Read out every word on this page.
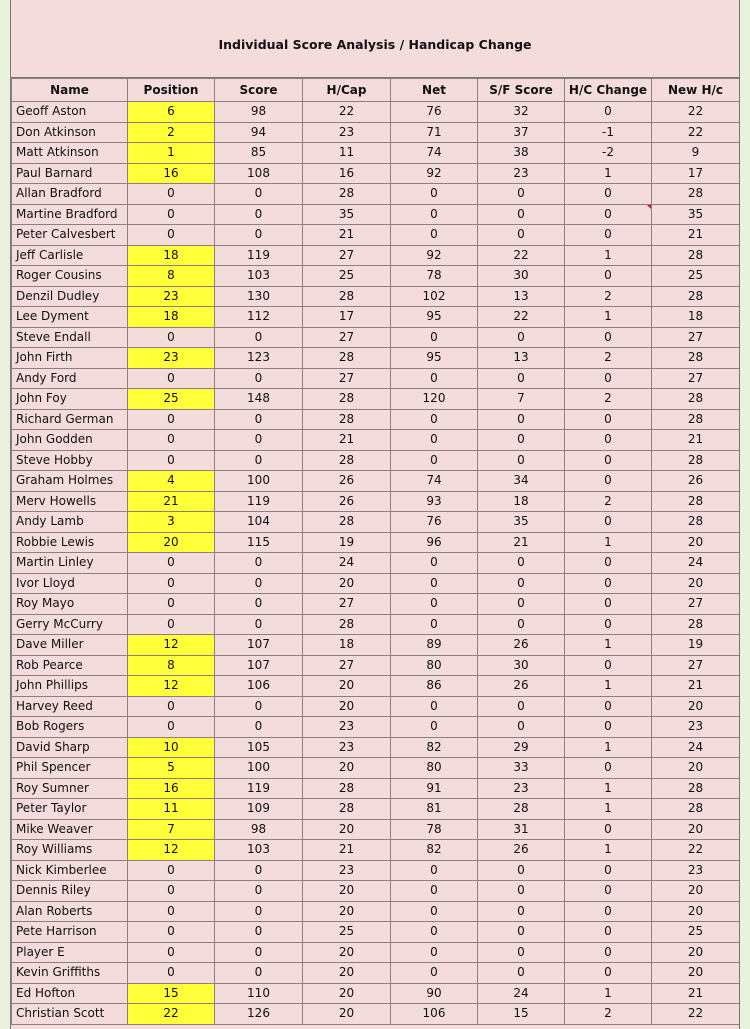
Individual Score Analysis / Handicap Change
Name	Position	Score	H/Cap	Net	S/F Score	H/C Change	New H/c
Geoff Aston	6	98	22	76	32	0	22
Don Atkinson	2	94	23	71	37	-1	22
Matt Atkinson	1	85	11	74	38	-2	9
Paul Barnard	16	108	16	92	23	1	17
Allan Bradford	0	0	28	0	0	0	28
Martine Bradford	0	0	35	0	0	0	35
Peter Calvesbert	0	0	21	0	0	0	21
Jeff Carlisle	18	119	27	92	22	1	28
Roger Cousins	8	103	25	78	30	0	25
Denzil Dudley	23	130	28	102	13	2	28
Lee Dyment	18	112	17	95	22	1	18
Steve Endall	0	0	27	0	0	0	27
John Firth	23	123	28	95	13	2	28
Andy Ford	0	0	27	0	0	0	27
John Foy	25	148	28	120	7	2	28
Richard German	0	0	28	0	0	0	28
John Godden	0	0	21	0	0	0	21
Steve Hobby	0	0	28	0	0	0	28
Graham Holmes	4	100	26	74	34	0	26
Merv Howells	21	119	26	93	18	2	28
Andy Lamb	3	104	28	76	35	0	28
Robbie Lewis	20	115	19	96	21	1	20
Martin Linley	0	0	24	0	0	0	24
Ivor Lloyd	0	0	20	0	0	0	20
Roy Mayo	0	0	27	0	0	0	27
Gerry McCurry	0	0	28	0	0	0	28
Dave Miller	12	107	18	89	26	1	19
Rob Pearce	8	107	27	80	30	0	27
John Phillips	12	106	20	86	26	1	21
Harvey Reed	0	0	20	0	0	0	20
Bob Rogers	0	0	23	0	0	0	23
David Sharp	10	105	23	82	29	1	24
Phil Spencer	5	100	20	80	33	0	20
Roy Sumner	16	119	28	91	23	1	28
Peter Taylor	11	109	28	81	28	1	28
Mike Weaver	7	98	20	78	31	0	20
Roy Williams	12	103	21	82	26	1	22
Nick Kimberlee	0	0	23	0	0	0	23
Dennis Riley	0	0	20	0	0	0	20
Alan Roberts	0	0	20	0	0	0	20
Pete Harrison	0	0	25	0	0	0	25
Player E	0	0	20	0	0	0	20
Kevin Griffiths	0	0	20	0	0	0	20
Ed Hofton	15	110	20	90	24	1	21
Christian Scott	22	126	20	106	15	2	22
